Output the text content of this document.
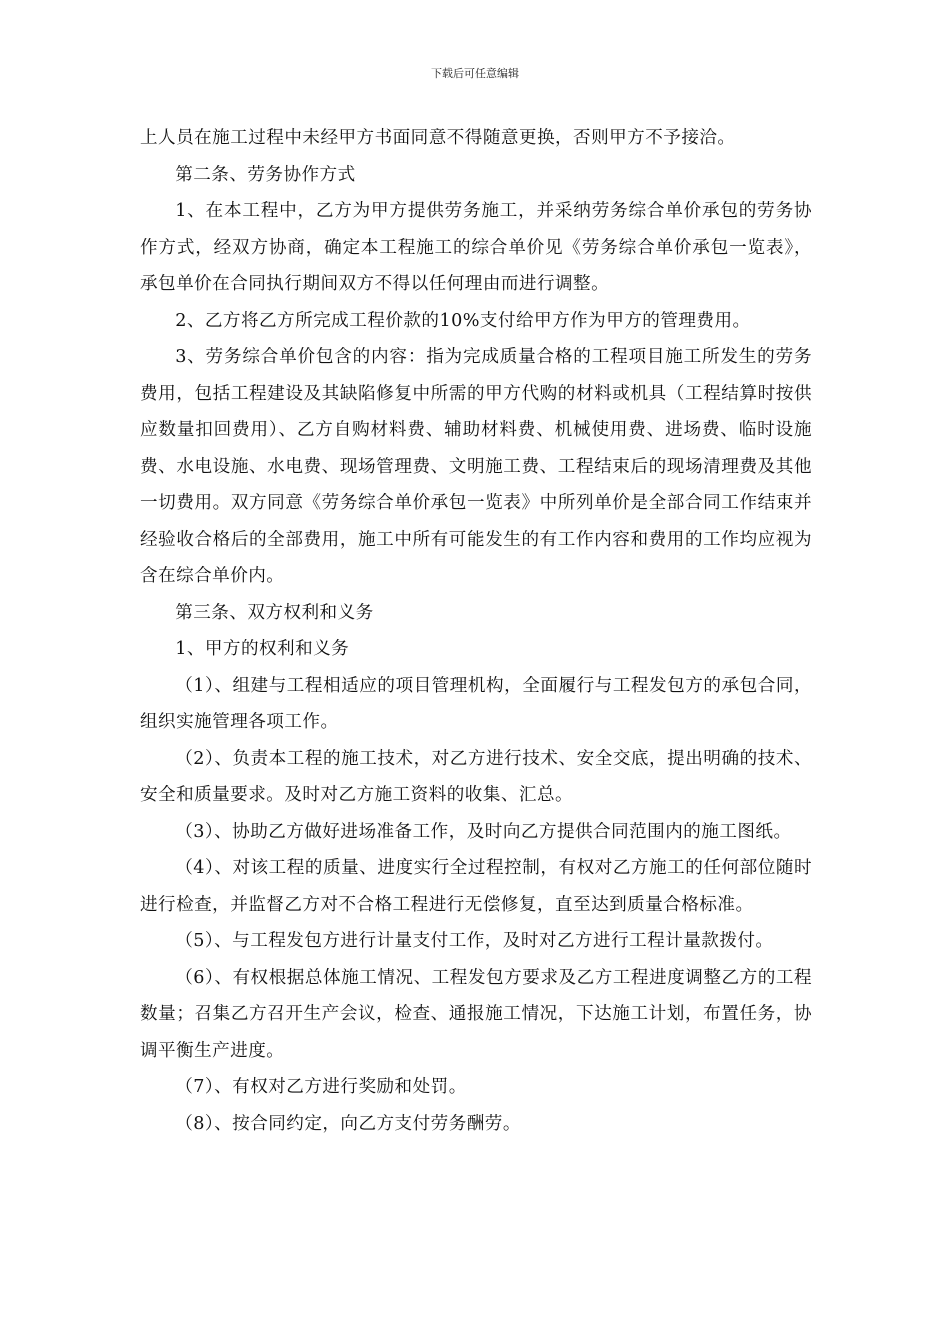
下载后可任意编辑

上人员在施工过程中未经甲方书面同意不得随意更换，否则甲方不予接洽。

第二条、劳务协作方式

1、在本工程中，乙方为甲方提供劳务施工，并采纳劳务综合单价承包的劳务协作方式，经双方协商，确定本工程施工的综合单价见《劳务综合单价承包一览表》，承包单价在合同执行期间双方不得以任何理由而进行调整。

2、乙方将乙方所完成工程价款的10%支付给甲方作为甲方的管理费用。

3、劳务综合单价包含的内容：指为完成质量合格的工程项目施工所发生的劳务费用，包括工程建设及其缺陷修复中所需的甲方代购的材料或机具（工程结算时按供应数量扣回费用）、乙方自购材料费、辅助材料费、机械使用费、进场费、临时设施费、水电设施、水电费、现场管理费、文明施工费、工程结束后的现场清理费及其他一切费用。双方同意《劳务综合单价承包一览表》中所列单价是全部合同工作结束并经验收合格后的全部费用，施工中所有可能发生的有工作内容和费用的工作均应视为含在综合单价内。

第三条、双方权利和义务

1、甲方的权利和义务

（1）、组建与工程相适应的项目管理机构，全面履行与工程发包方的承包合同，组织实施管理各项工作。

（2）、负责本工程的施工技术，对乙方进行技术、安全交底，提出明确的技术、安全和质量要求。及时对乙方施工资料的收集、汇总。

（3）、协助乙方做好进场准备工作，及时向乙方提供合同范围内的施工图纸。

（4）、对该工程的质量、进度实行全过程控制，有权对乙方施工的任何部位随时进行检查，并监督乙方对不合格工程进行无偿修复，直至达到质量合格标准。

（5）、与工程发包方进行计量支付工作，及时对乙方进行工程计量款拨付。

（6）、有权根据总体施工情况、工程发包方要求及乙方工程进度调整乙方的工程数量；召集乙方召开生产会议，检查、通报施工情况，下达施工计划，布置任务，协调平衡生产进度。

（7）、有权对乙方进行奖励和处罚。

（8）、按合同约定，向乙方支付劳务酬劳。
